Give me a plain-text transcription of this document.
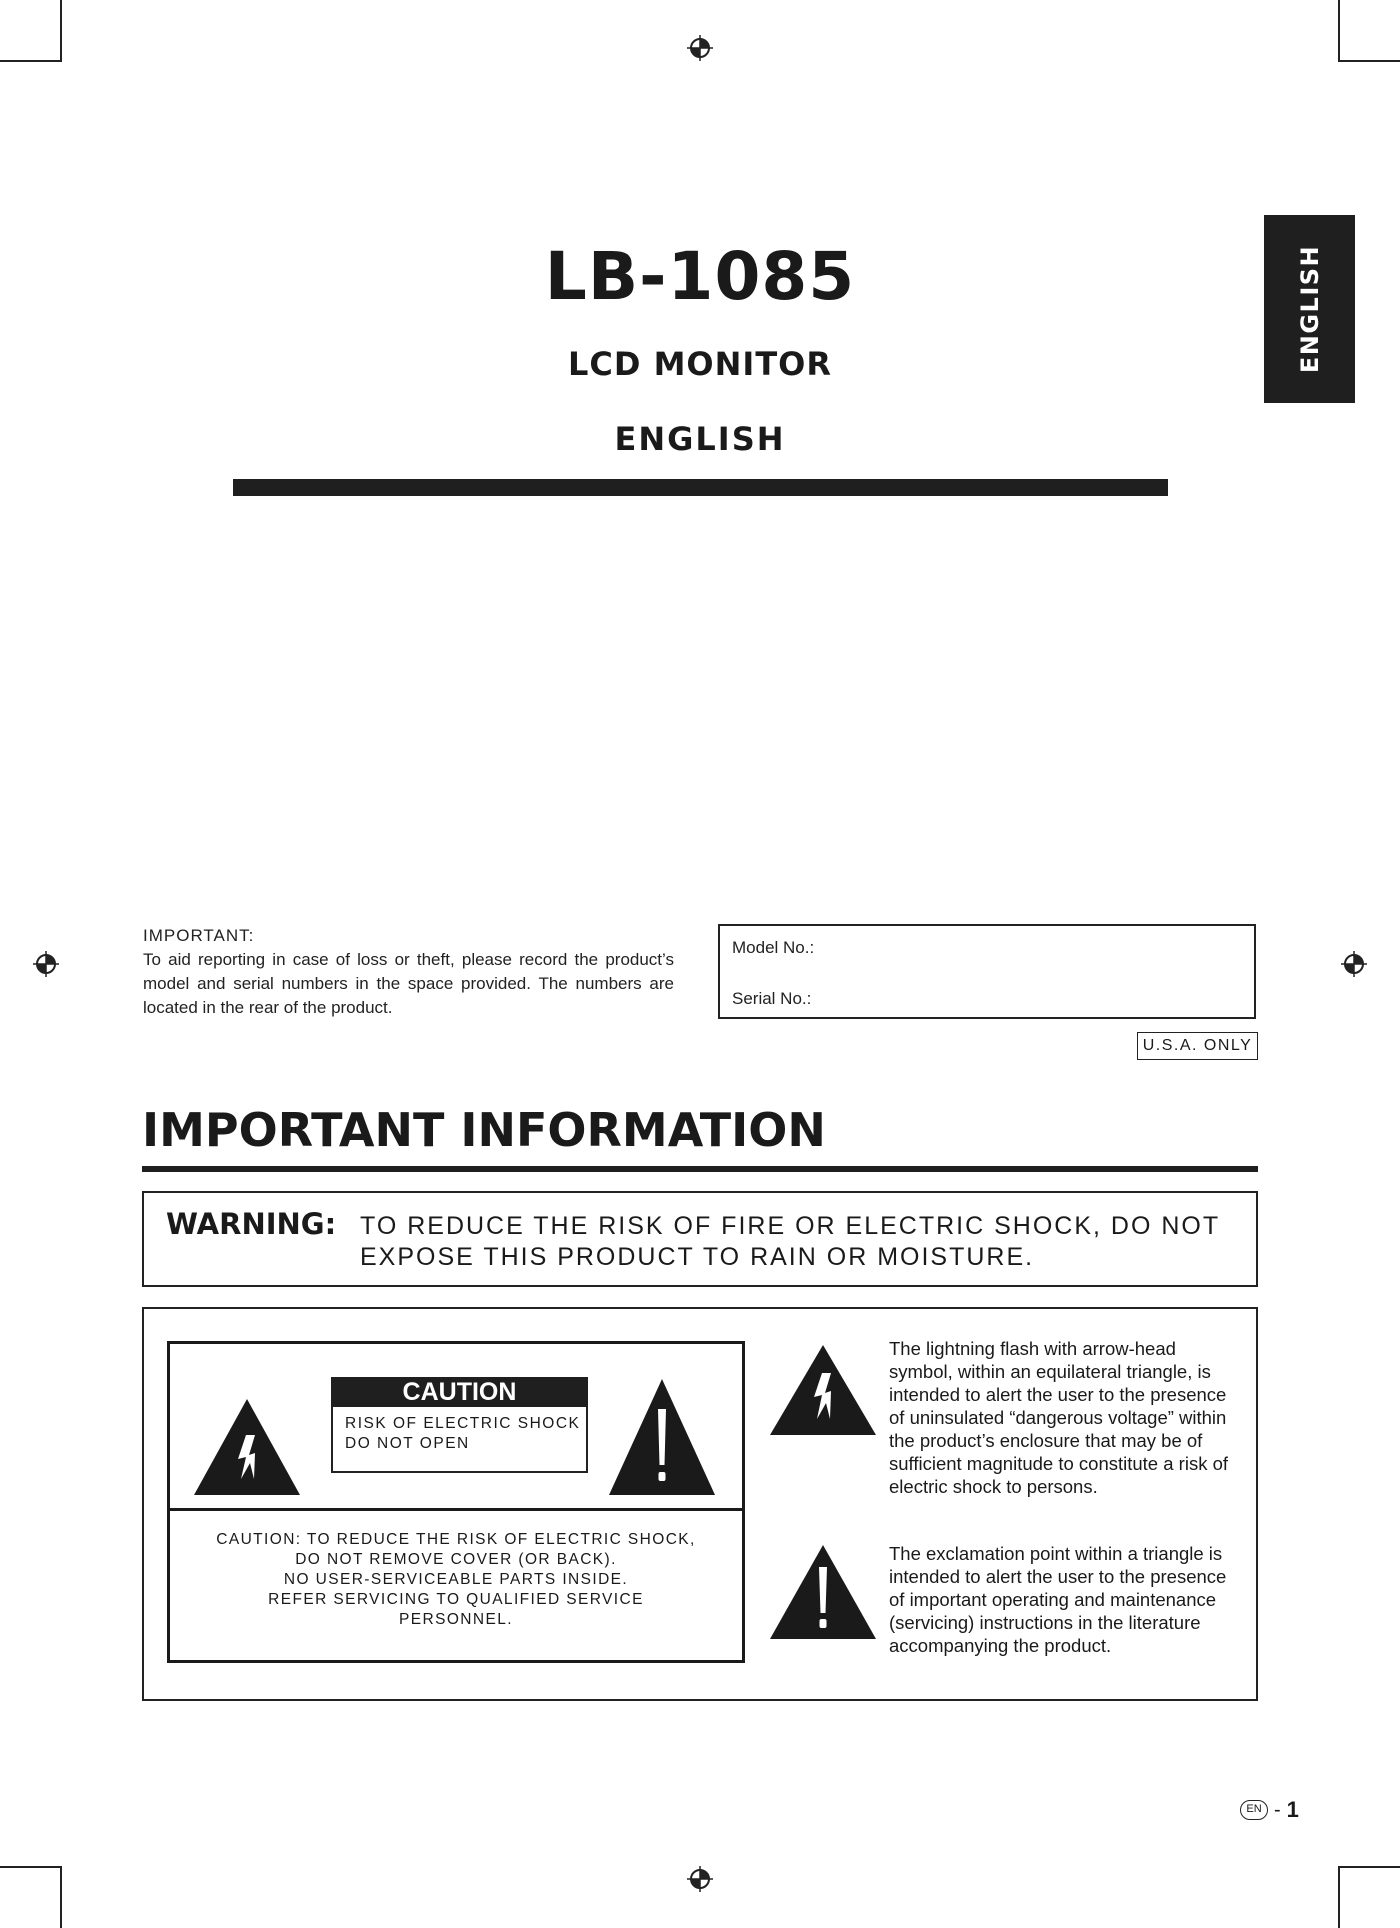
ENGLISH
LB-1085
LCD MONITOR
ENGLISH
IMPORTANT:
To aid reporting in case of loss or theft, please record the product’s model and serial numbers in the space provided. The numbers are located in the rear of the product.
Model No.:
Serial No.:
U.S.A. ONLY
IMPORTANT INFORMATION
WARNING: TO REDUCE THE RISK OF FIRE OR ELECTRIC SHOCK, DO NOT
EXPOSE THIS PRODUCT TO RAIN OR MOISTURE.
CAUTION
RISK OF ELECTRIC SHOCK
DO NOT OPEN
CAUTION: TO REDUCE THE RISK OF ELECTRIC SHOCK,
DO NOT REMOVE COVER (OR BACK).
NO USER-SERVICEABLE PARTS INSIDE.
REFER SERVICING TO QUALIFIED SERVICE
PERSONNEL.
The lightning flash with arrow-head symbol, within an equilateral triangle, is intended to alert the user to the presence of uninsulated “dangerous voltage” within the product’s enclosure that may be of sufficient magnitude to constitute a risk of electric shock to persons.
The exclamation point within a triangle is intended to alert the user to the presence of important operating and maintenance (servicing) instructions in the literature accompanying the product.
EN - 1
